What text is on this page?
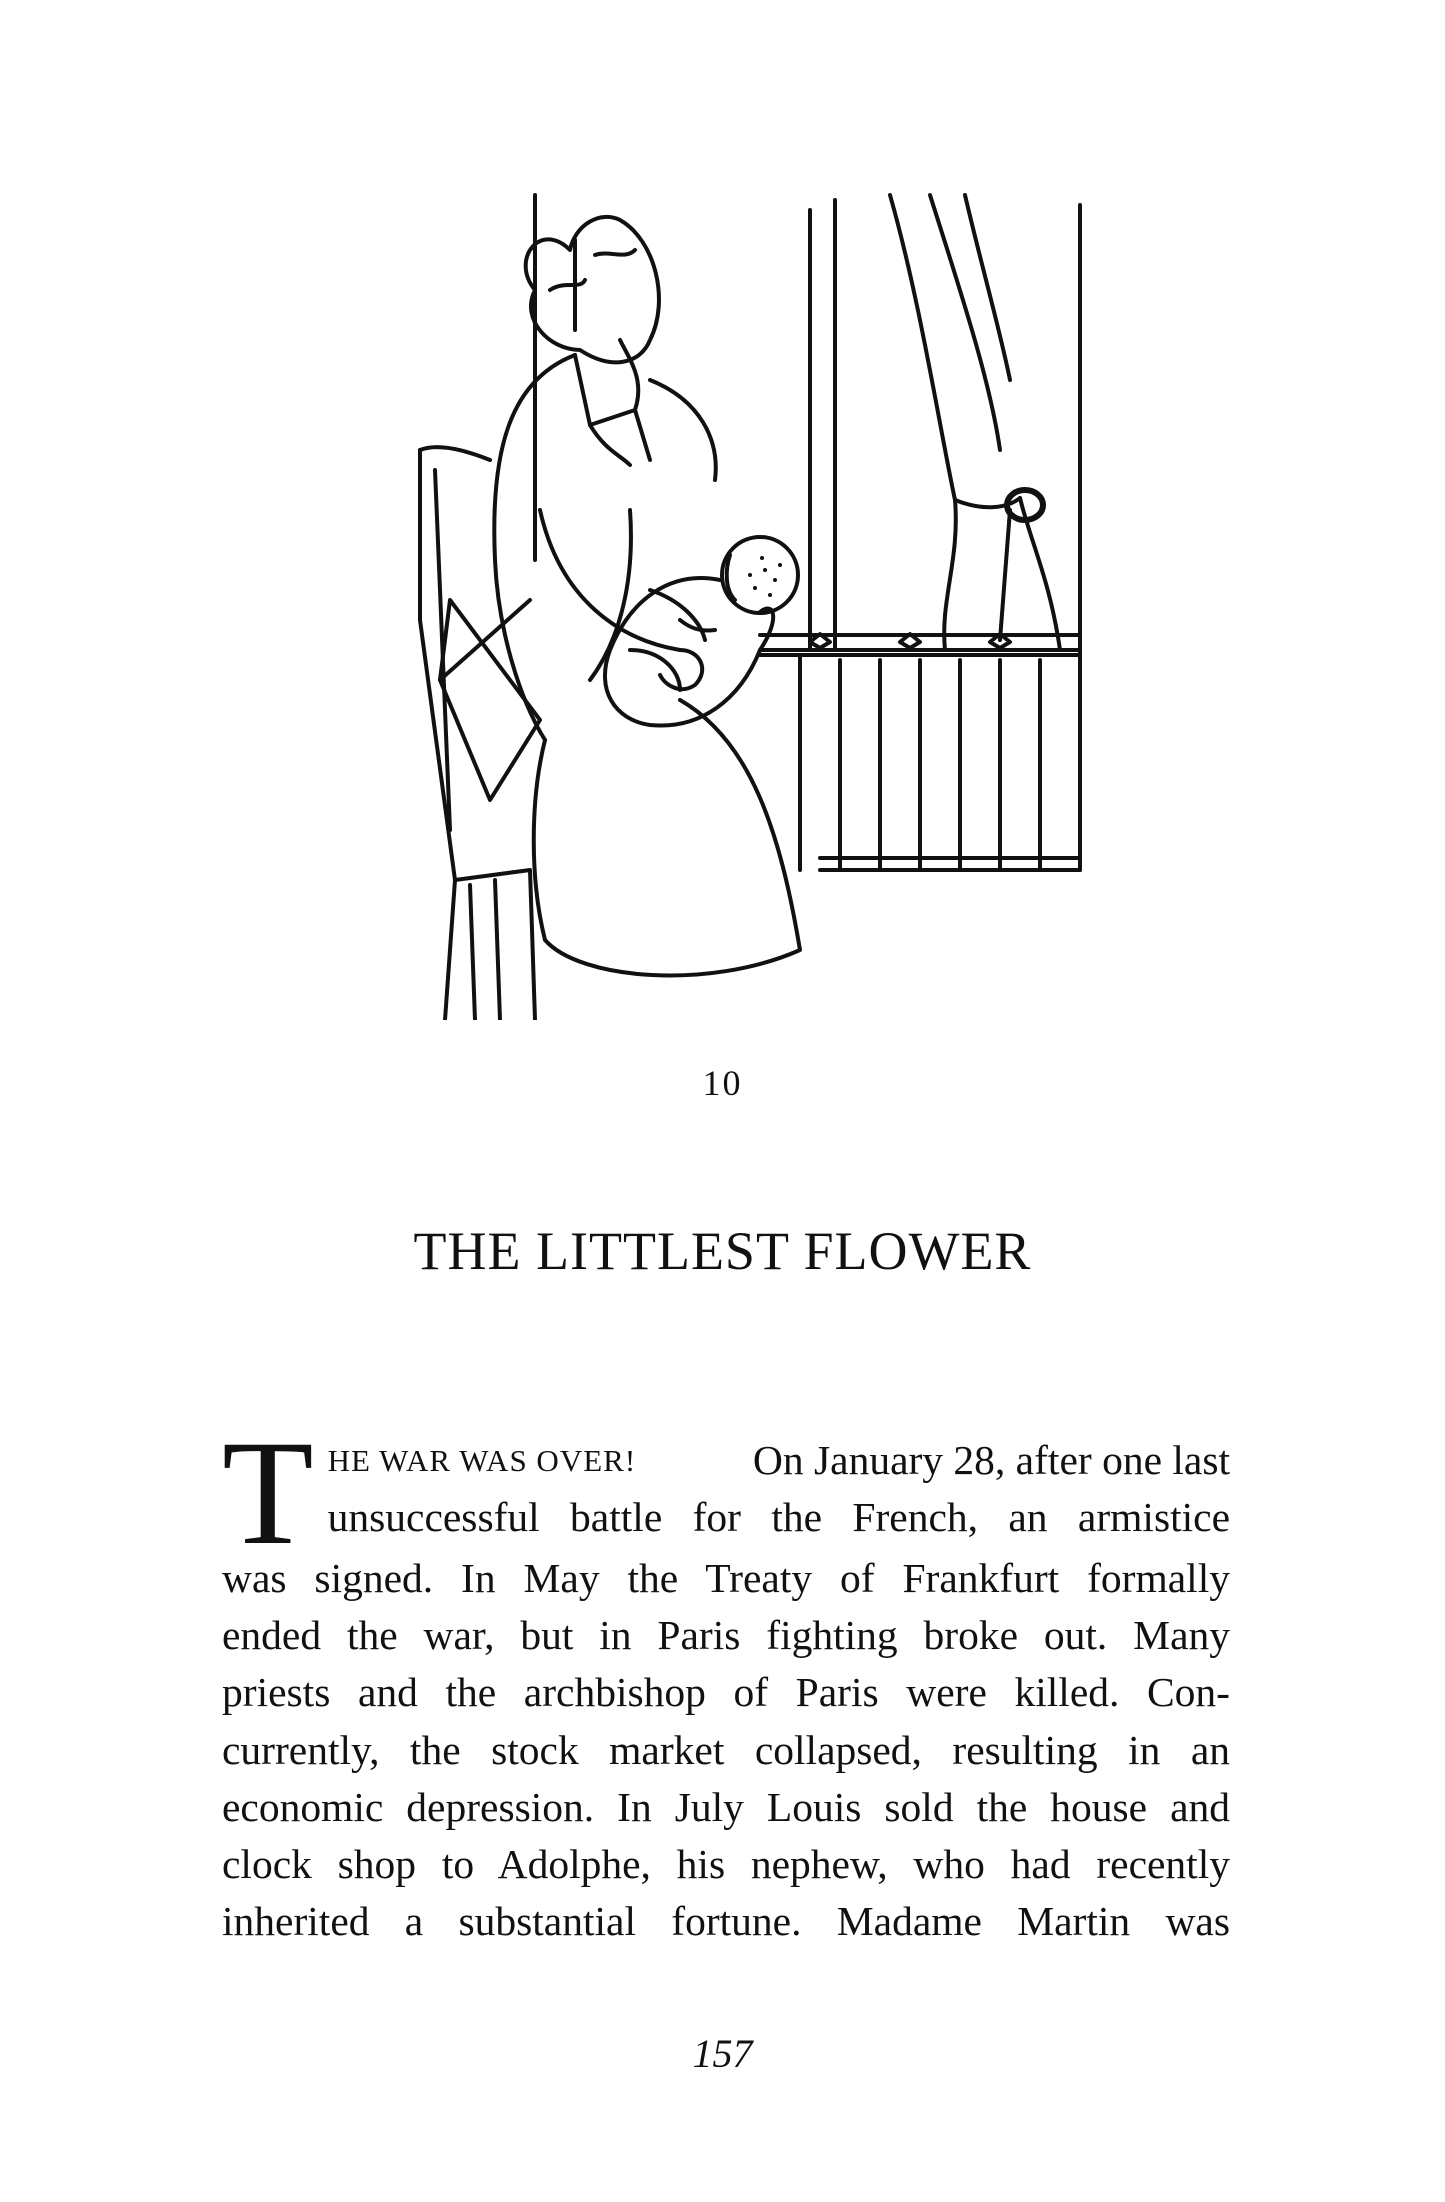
10
THE LITTLEST FLOWER
T HE WAR WAS OVER!	On January 28, after one last
unsuccessful battle for the French, an armistice
was signed. In May the Treaty of Frankfurt formally
ended the war, but in Paris fighting broke out. Many
priests and the archbishop of Paris were killed. Con-
currently, the stock market collapsed, resulting in an
economic depression. In July Louis sold the house and
clock shop to Adolphe, his nephew, who had recently
inherited a substantial fortune. Madame Martin was
157
